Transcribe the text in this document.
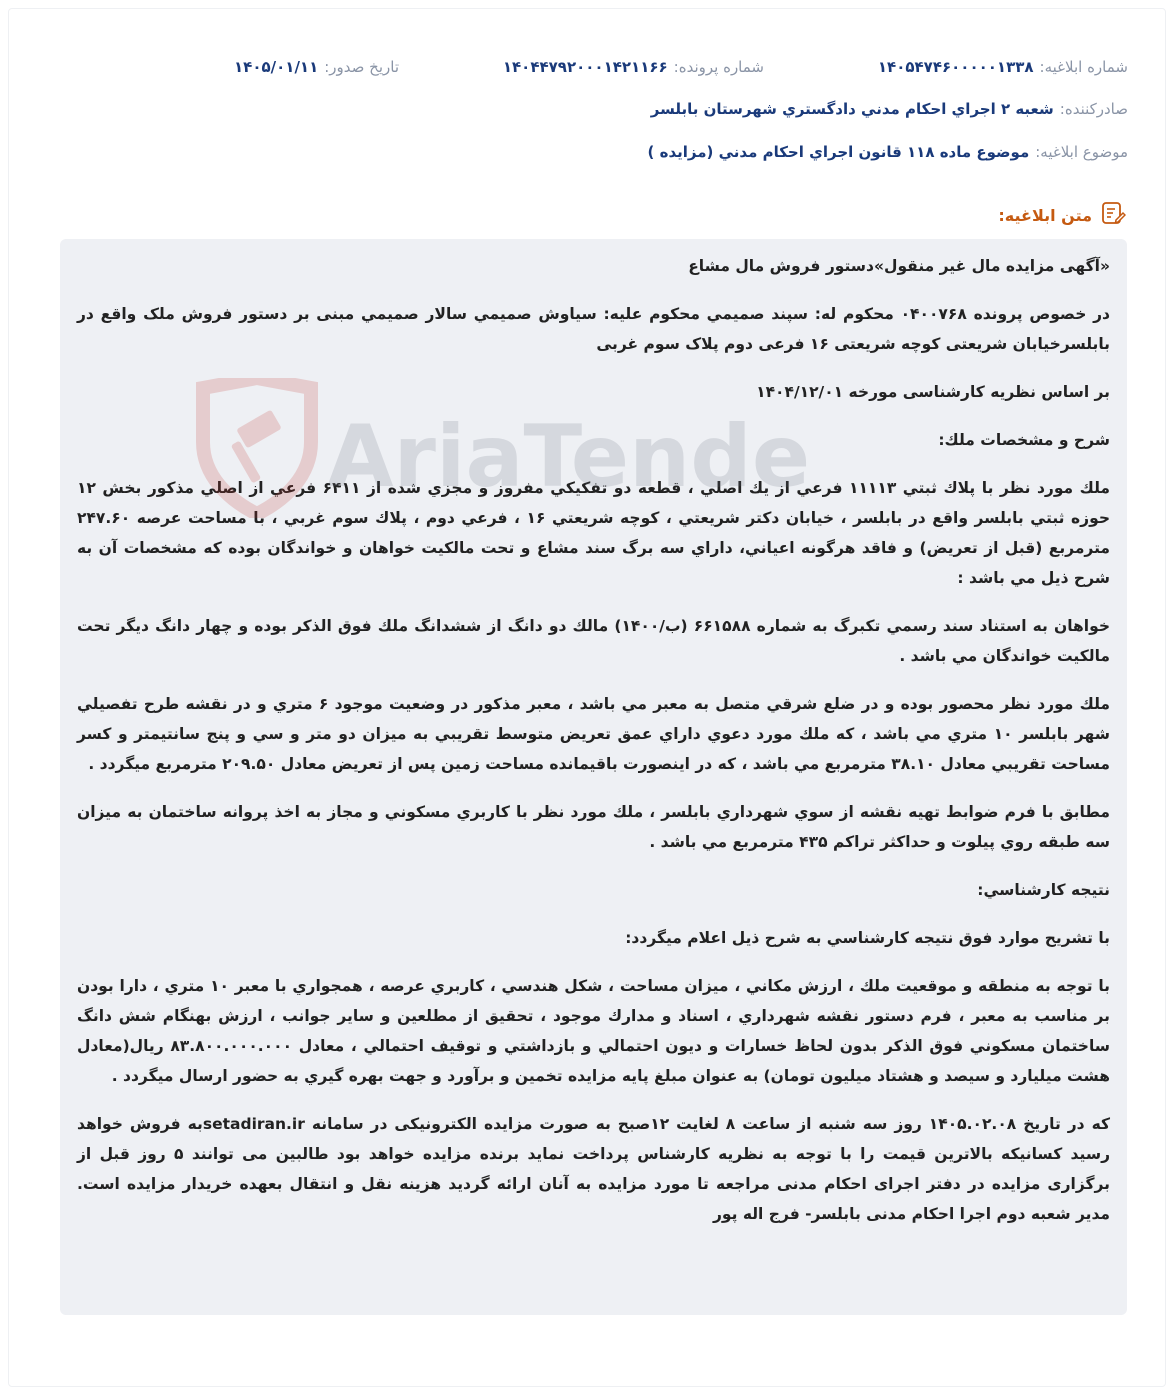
شماره ابلاغیه:
۱۴۰۵۴۷۴۶۰۰۰۰۰۱۳۳۸
شماره پرونده:
۱۴۰۴۴۷۹۲۰۰۰۱۴۲۱۱۶۶
تاریخ صدور:
۱۴۰۵/۰۱/۱۱
صادرکننده:
شعبه ۲ اجراي احكام مدني دادگستري شهرستان بابلسر
موضوع ابلاغیه:
موضوع ماده ۱۱۸ قانون اجراي احكام مدني (مزايده )
متن ابلاغیه:

«آگهی مزایده مال غیر منقول»دستور فروش مال مشاع

در خصوص پرونده ۰۴۰۰۷۶۸ محکوم له: سپند صميمي محکوم علیه: سياوش صميمي سالار صميمي مبنی بر دستور فروش ملک واقع در بابلسرخیابان شریعتی کوچه شریعتی ۱۶ فرعی دوم پلاک سوم غربی

بر اساس نظریه کارشناسی مورخه ۱۴۰۴/۱۲/۰۱

شرح و مشخصات ملك:

ملك مورد نظر با پلاك ثبتي ۱۱۱۱۳ فرعي از يك اصلي ، قطعه دو تفكيكي مفروز و مجزي شده از ۶۴۱۱ فرعي از اصلي مذكور بخش ۱۲ حوزه ثبتي بابلسر واقع در بابلسر ، خيابان دكتر شريعتي ، كوچه شريعتي ۱۶ ، فرعي دوم ، پلاك سوم غربي ، با مساحت عرصه ۲۴۷.۶۰ مترمربع (قبل از تعريض) و فاقد هرگونه اعياني، داراي سه برگ سند مشاع و تحت مالكيت خواهان و خواندگان بوده كه مشخصات آن به شرح ذيل مي باشد :

خواهان به استناد سند رسمي تكبرگ به شماره ۶۶۱۵۸۸ (ب/۱۴۰۰) مالك دو دانگ از ششدانگ ملك فوق الذكر بوده و چهار دانگ ديگر تحت مالكيت خواندگان مي باشد .

ملك مورد نظر محصور بوده و در ضلع شرقي متصل به معبر مي باشد ، معبر مذكور در وضعيت موجود ۶ متري و در نقشه طرح تفصيلي شهر بابلسر ۱۰ متري مي باشد ، كه ملك مورد دعوي داراي عمق تعريض متوسط تقريبي به ميزان دو متر و سي و پنج سانتيمتر و كسر مساحت تقريبي معادل ۳۸.۱۰ مترمربع مي باشد ، كه در اينصورت باقيمانده مساحت زمين پس از تعريض معادل ۲۰۹.۵۰ مترمربع ميگردد .

مطابق با فرم ضوابط تهيه نقشه از سوي شهرداري بابلسر ، ملك مورد نظر با كاربري مسكوني و مجاز به اخذ پروانه ساختمان به ميزان سه طبقه روي پيلوت و حداكثر تراكم ۴۳۵ مترمربع مي باشد .

نتيجه كارشناسي:

با تشريح موارد فوق نتيجه كارشناسي به شرح ذيل اعلام ميگردد:

با توجه به منطقه و موقعيت ملك ، ارزش مكاني ، ميزان مساحت ، شكل هندسي ، كاربري عرصه ، همجواري با معبر ۱۰ متري ، دارا بودن بر مناسب به معبر ، فرم دستور نقشه شهرداري ، اسناد و مدارك موجود ، تحقيق از مطلعين و ساير جوانب ، ارزش بهنگام شش دانگ ساختمان مسكوني فوق الذكر بدون لحاظ خسارات و ديون احتمالي و بازداشتي و توقيف احتمالي ، معادل ۸۳.۸۰۰.۰۰۰.۰۰۰ ريال(معادل هشت ميليارد و سيصد و هشتاد ميليون تومان) به عنوان مبلغ پايه مزايده تخمين و برآورد و جهت بهره گيري به حضور ارسال ميگردد .

که در تاریخ ۱۴۰۵.۰۲.۰۸ روز سه شنبه از ساعت ۸ لغایت ۱۲صبح به صورت مزایده الکترونیکی در سامانه setadiran.irبه فروش خواهد رسید کسانیکه بالاترین قیمت را با توجه به نظریه کارشناس پرداخت نماید برنده مزایده خواهد بود طالبین می توانند ۵ روز قبل از برگزاری مزایده در دفتر اجرای احکام مدنی مراجعه تا مورد مزایده به آنان ارائه گردید هزینه نقل و انتقال بعهده خریدار مزایده است. مدير شعبه دوم اجرا احکام مدنی بابلسر- فرج اله پور
